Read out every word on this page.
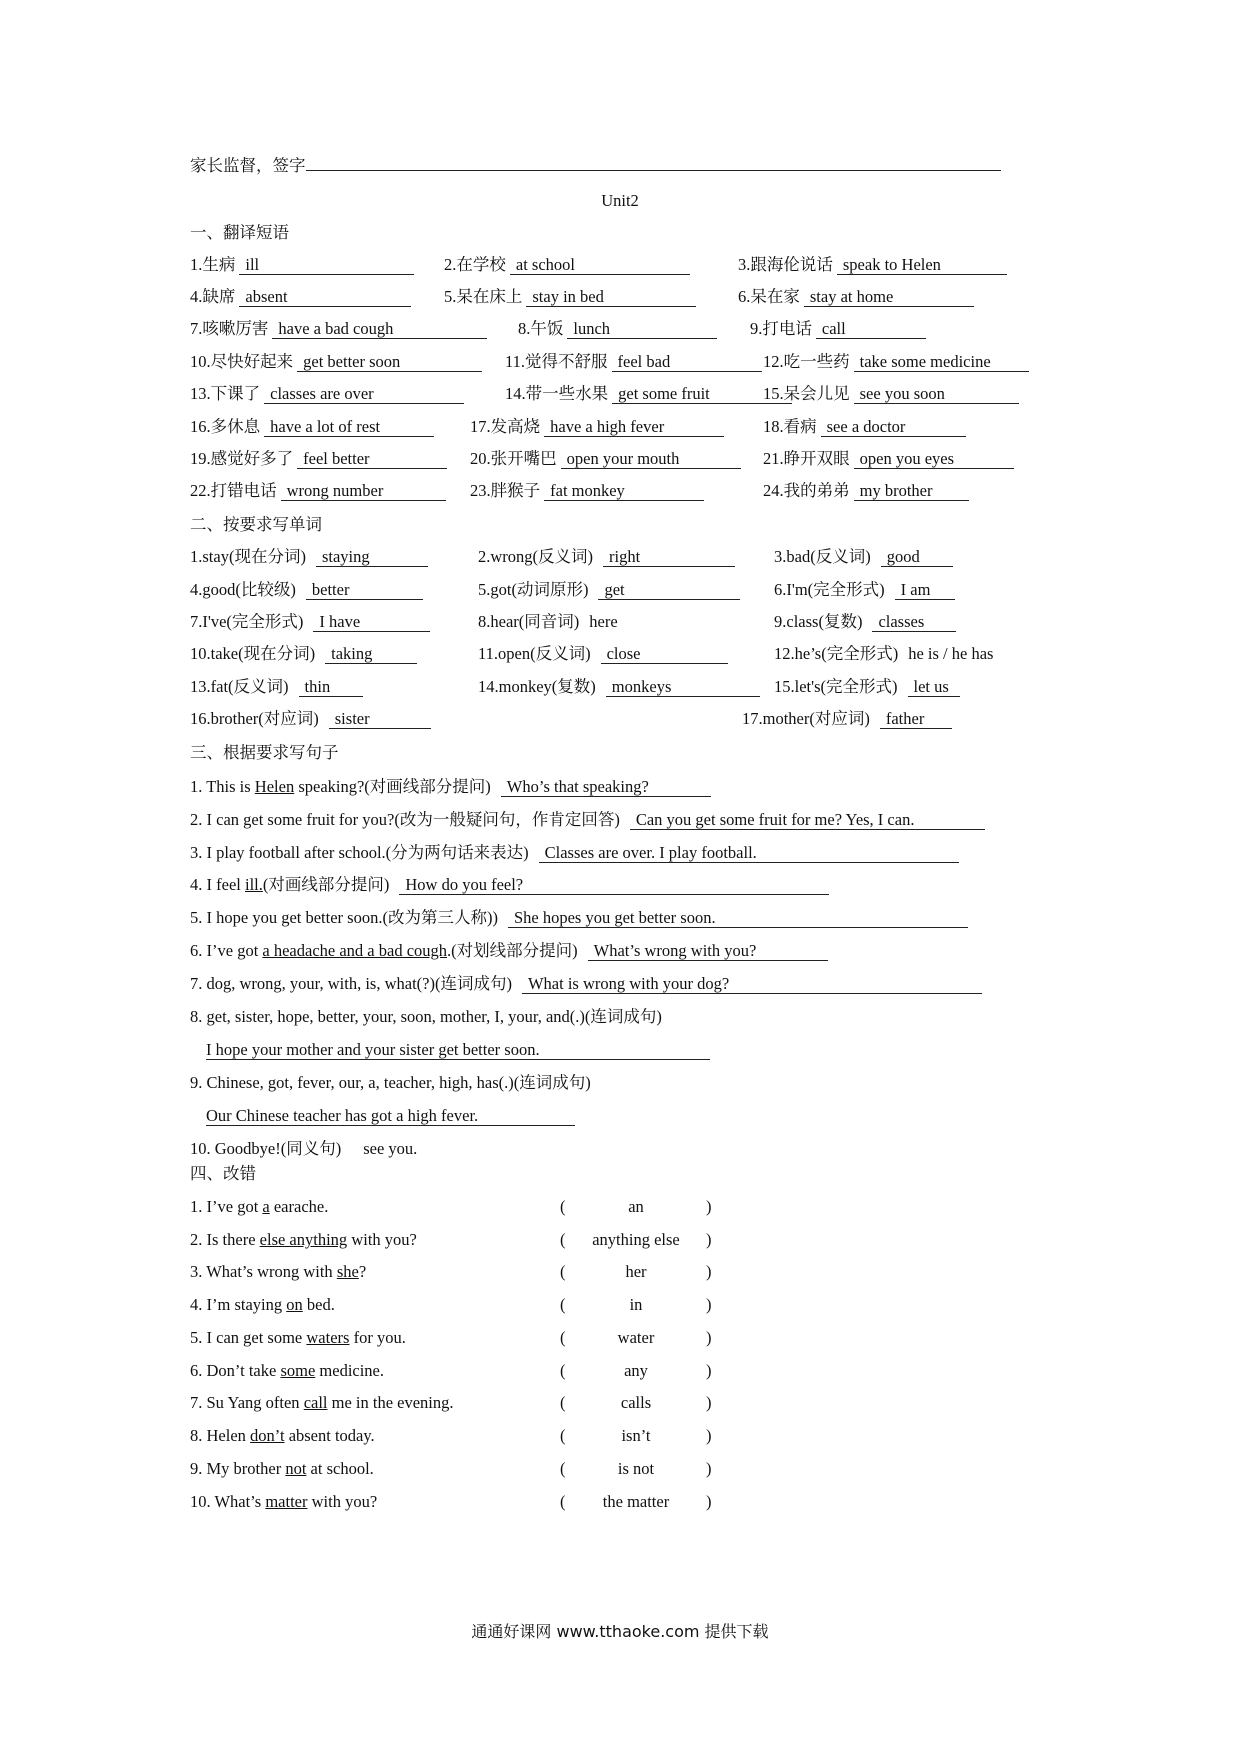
家长监督，签字
Unit2
一、翻译短语
1.生病 ill	2.在学校 at school	3.跟海伦说话 speak to Helen
4.缺席 absent	5.呆在床上 stay in bed	6.呆在家 stay at home
7.咳嗽厉害 have a bad cough	8.午饭 lunch	9.打电话 call
10.尽快好起来 get better soon	11.觉得不舒服 feel bad	12.吃一些药 take some medicine
13.下课了 classes are over	14.带一些水果 get some fruit	15.呆会儿见 see you soon
16.多休息 have a lot of rest	17.发高烧 have a high fever	18.看病 see a doctor
19.感觉好多了 feel better	20.张开嘴巴 open your mouth	21.睁开双眼 open you eyes
22.打错电话 wrong number	23.胖猴子 fat monkey	24.我的弟弟 my brother
二、按要求写单词
1.stay(现在分词) staying	2.wrong(反义词) right	3.bad(反义词) good
4.good(比较级) better	5.got(动词原形) get	6.I'm(完全形式) I am
7.I've(完全形式) I have	8.hear(同音词) here	9.class(复数) classes
10.take(现在分词) taking	11.open(反义词) close	12.he’s(完全形式) he is / he has
13.fat(反义词) thin	14.monkey(复数) monkeys	15.let's(完全形式) let us
16.brother(对应词) sister	17.mother(对应词) father
三、根据要求写句子
1. This is Helen speaking?(对画线部分提问) Who’s that speaking?
2. I can get some fruit for you?(改为一般疑问句，作肯定回答) Can you get some fruit for me? Yes, I can.
3. I play football after school.(分为两句话来表达) Classes are over. I play football.
4. I feel ill.(对画线部分提问) How do you feel?
5. I hope you get better soon.(改为第三人称)) She hopes you get better soon.
6. I’ve got a headache and a bad cough.(对划线部分提问) What’s wrong with you?
7. dog, wrong, your, with, is, what(?)(连词成句) What is wrong with your dog?
8. get, sister, hope, better, your, soon, mother, I, your, and(.)(连词成句)
I hope your mother and your sister get better soon.
9. Chinese, got, fever, our, a, teacher, high, has(.)(连词成句)
Our Chinese teacher has got a high fever.
10. Goodbye!(同义句) see you.
四、改错
1. I’ve got a earache.	(	an	)
2. Is there else anything with you?	(	anything else	)
3. What’s wrong with she?	(	her	)
4. I’m staying on bed.	(	in	)
5. I can get some waters for you.	(	water	)
6. Don’t take some medicine.	(	any	)
7. Su Yang often call me in the evening.	(	calls	)
8. Helen don’t absent today.	(	isn’t	)
9. My brother not at school.	(	is not	)
10. What’s matter with you?	(	the matter	)
通通好课网 www.tthaoke.com 提供下载
